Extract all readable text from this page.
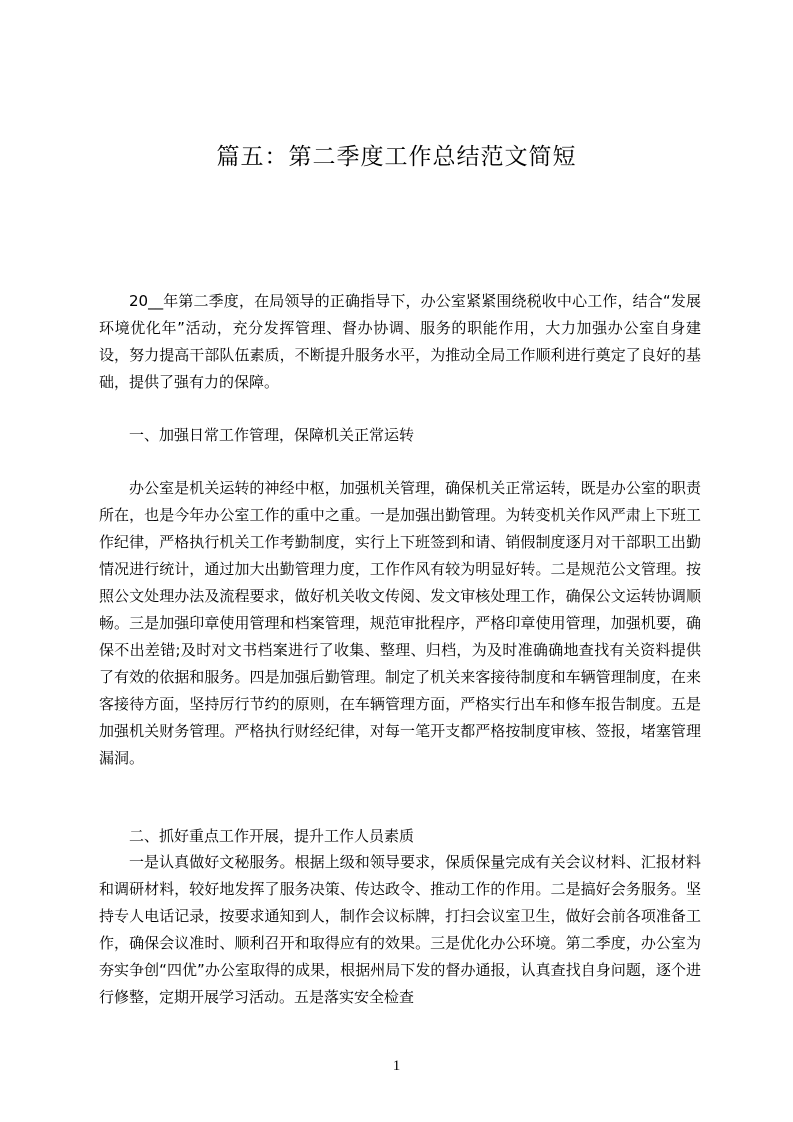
篇五：第二季度工作总结范文简短

20__年第二季度，在局领导的正确指导下，办公室紧紧围绕税收中心工作，结合“发展环境优化年”活动，充分发挥管理、督办协调、服务的职能作用，大力加强办公室自身建设，努力提高干部队伍素质，不断提升服务水平，为推动全局工作顺利进行奠定了良好的基础，提供了强有力的保障。

一、加强日常工作管理，保障机关正常运转

办公室是机关运转的神经中枢，加强机关管理，确保机关正常运转，既是办公室的职责所在，也是今年办公室工作的重中之重。一是加强出勤管理。为转变机关作风严肃上下班工作纪律，严格执行机关工作考勤制度，实行上下班签到和请、销假制度逐月对干部职工出勤情况进行统计，通过加大出勤管理力度，工作作风有较为明显好转。二是规范公文管理。按照公文处理办法及流程要求，做好机关收文传阅、发文审核处理工作，确保公文运转协调顺畅。三是加强印章使用管理和档案管理，规范审批程序，严格印章使用管理，加强机要，确保不出差错;及时对文书档案进行了收集、整理、归档，为及时准确确地查找有关资料提供了有效的依据和服务。四是加强后勤管理。制定了机关来客接待制度和车辆管理制度，在来客接待方面，坚持厉行节约的原则，在车辆管理方面，严格实行出车和修车报告制度。五是加强机关财务管理。严格执行财经纪律，对每一笔开支都严格按制度审核、签报，堵塞管理漏洞。

二、抓好重点工作开展，提升工作人员素质

一是认真做好文秘服务。根据上级和领导要求，保质保量完成有关会议材料、汇报材料和调研材料，较好地发挥了服务决策、传达政令、推动工作的作用。二是搞好会务服务。坚持专人电话记录，按要求通知到人，制作会议标牌，打扫会议室卫生，做好会前各项准备工作，确保会议准时、顺利召开和取得应有的效果。三是优化办公环境。第二季度，办公室为夯实争创“四优”办公室取得的成果，根据州局下发的督办通报，认真查找自身问题，逐个进行修整，定期开展学习活动。五是落实安全检查

1
